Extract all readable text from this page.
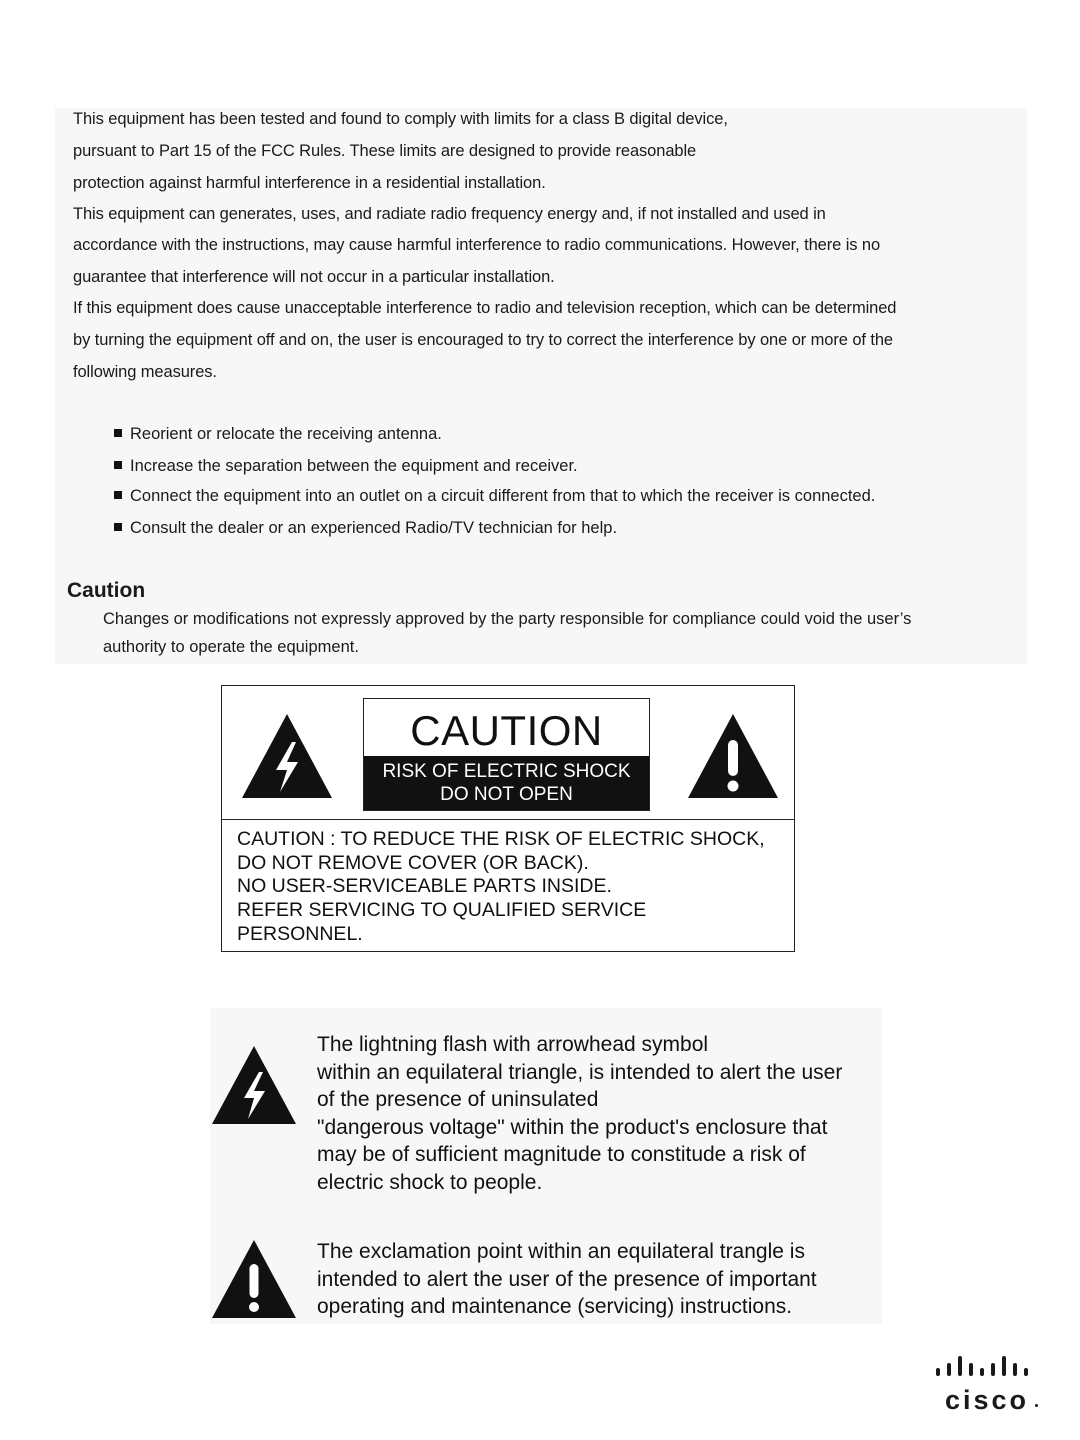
This equipment has been tested and found to comply with limits for a class B digital device,
pursuant to Part 15 of the FCC Rules. These limits are designed to provide reasonable
protection against harmful interference in a residential installation.
This equipment can generates, uses, and radiate radio frequency energy and, if not installed and used in
accordance with the instructions, may cause harmful interference to radio communications. However, there is no
guarantee that interference will not occur in a particular installation.
If this equipment does cause unacceptable interference to radio and television reception, which can be determined
by turning the equipment off and on, the user is encouraged to try to correct the interference by one or more of the
following measures.
Reorient or relocate the receiving antenna.
Increase the separation between the equipment and receiver.
Connect the equipment into an outlet on a circuit different from that to which the receiver is connected.
Consult the dealer or an experienced Radio/TV technician for help.
Caution
Changes or modifications not expressly approved by the party responsible for compliance could void the user’s
authority to operate the equipment.
CAUTION
RISK OF ELECTRIC SHOCK
DO NOT OPEN
CAUTION : TO REDUCE THE RISK OF ELECTRIC SHOCK,
DO NOT REMOVE COVER (OR BACK).
NO USER-SERVICEABLE PARTS INSIDE.
REFER SERVICING TO QUALIFIED SERVICE
PERSONNEL.
The lightning flash with arrowhead symbol
within an equilateral triangle, is intended to alert the user
of the presence of uninsulated
"dangerous voltage" within the product's enclosure that
may be of sufficient magnitude to constitude a risk of
electric shock to people.
The exclamation point within an equilateral trangle is
intended to alert the user of the presence of important
operating and maintenance (servicing) instructions.
cisco
